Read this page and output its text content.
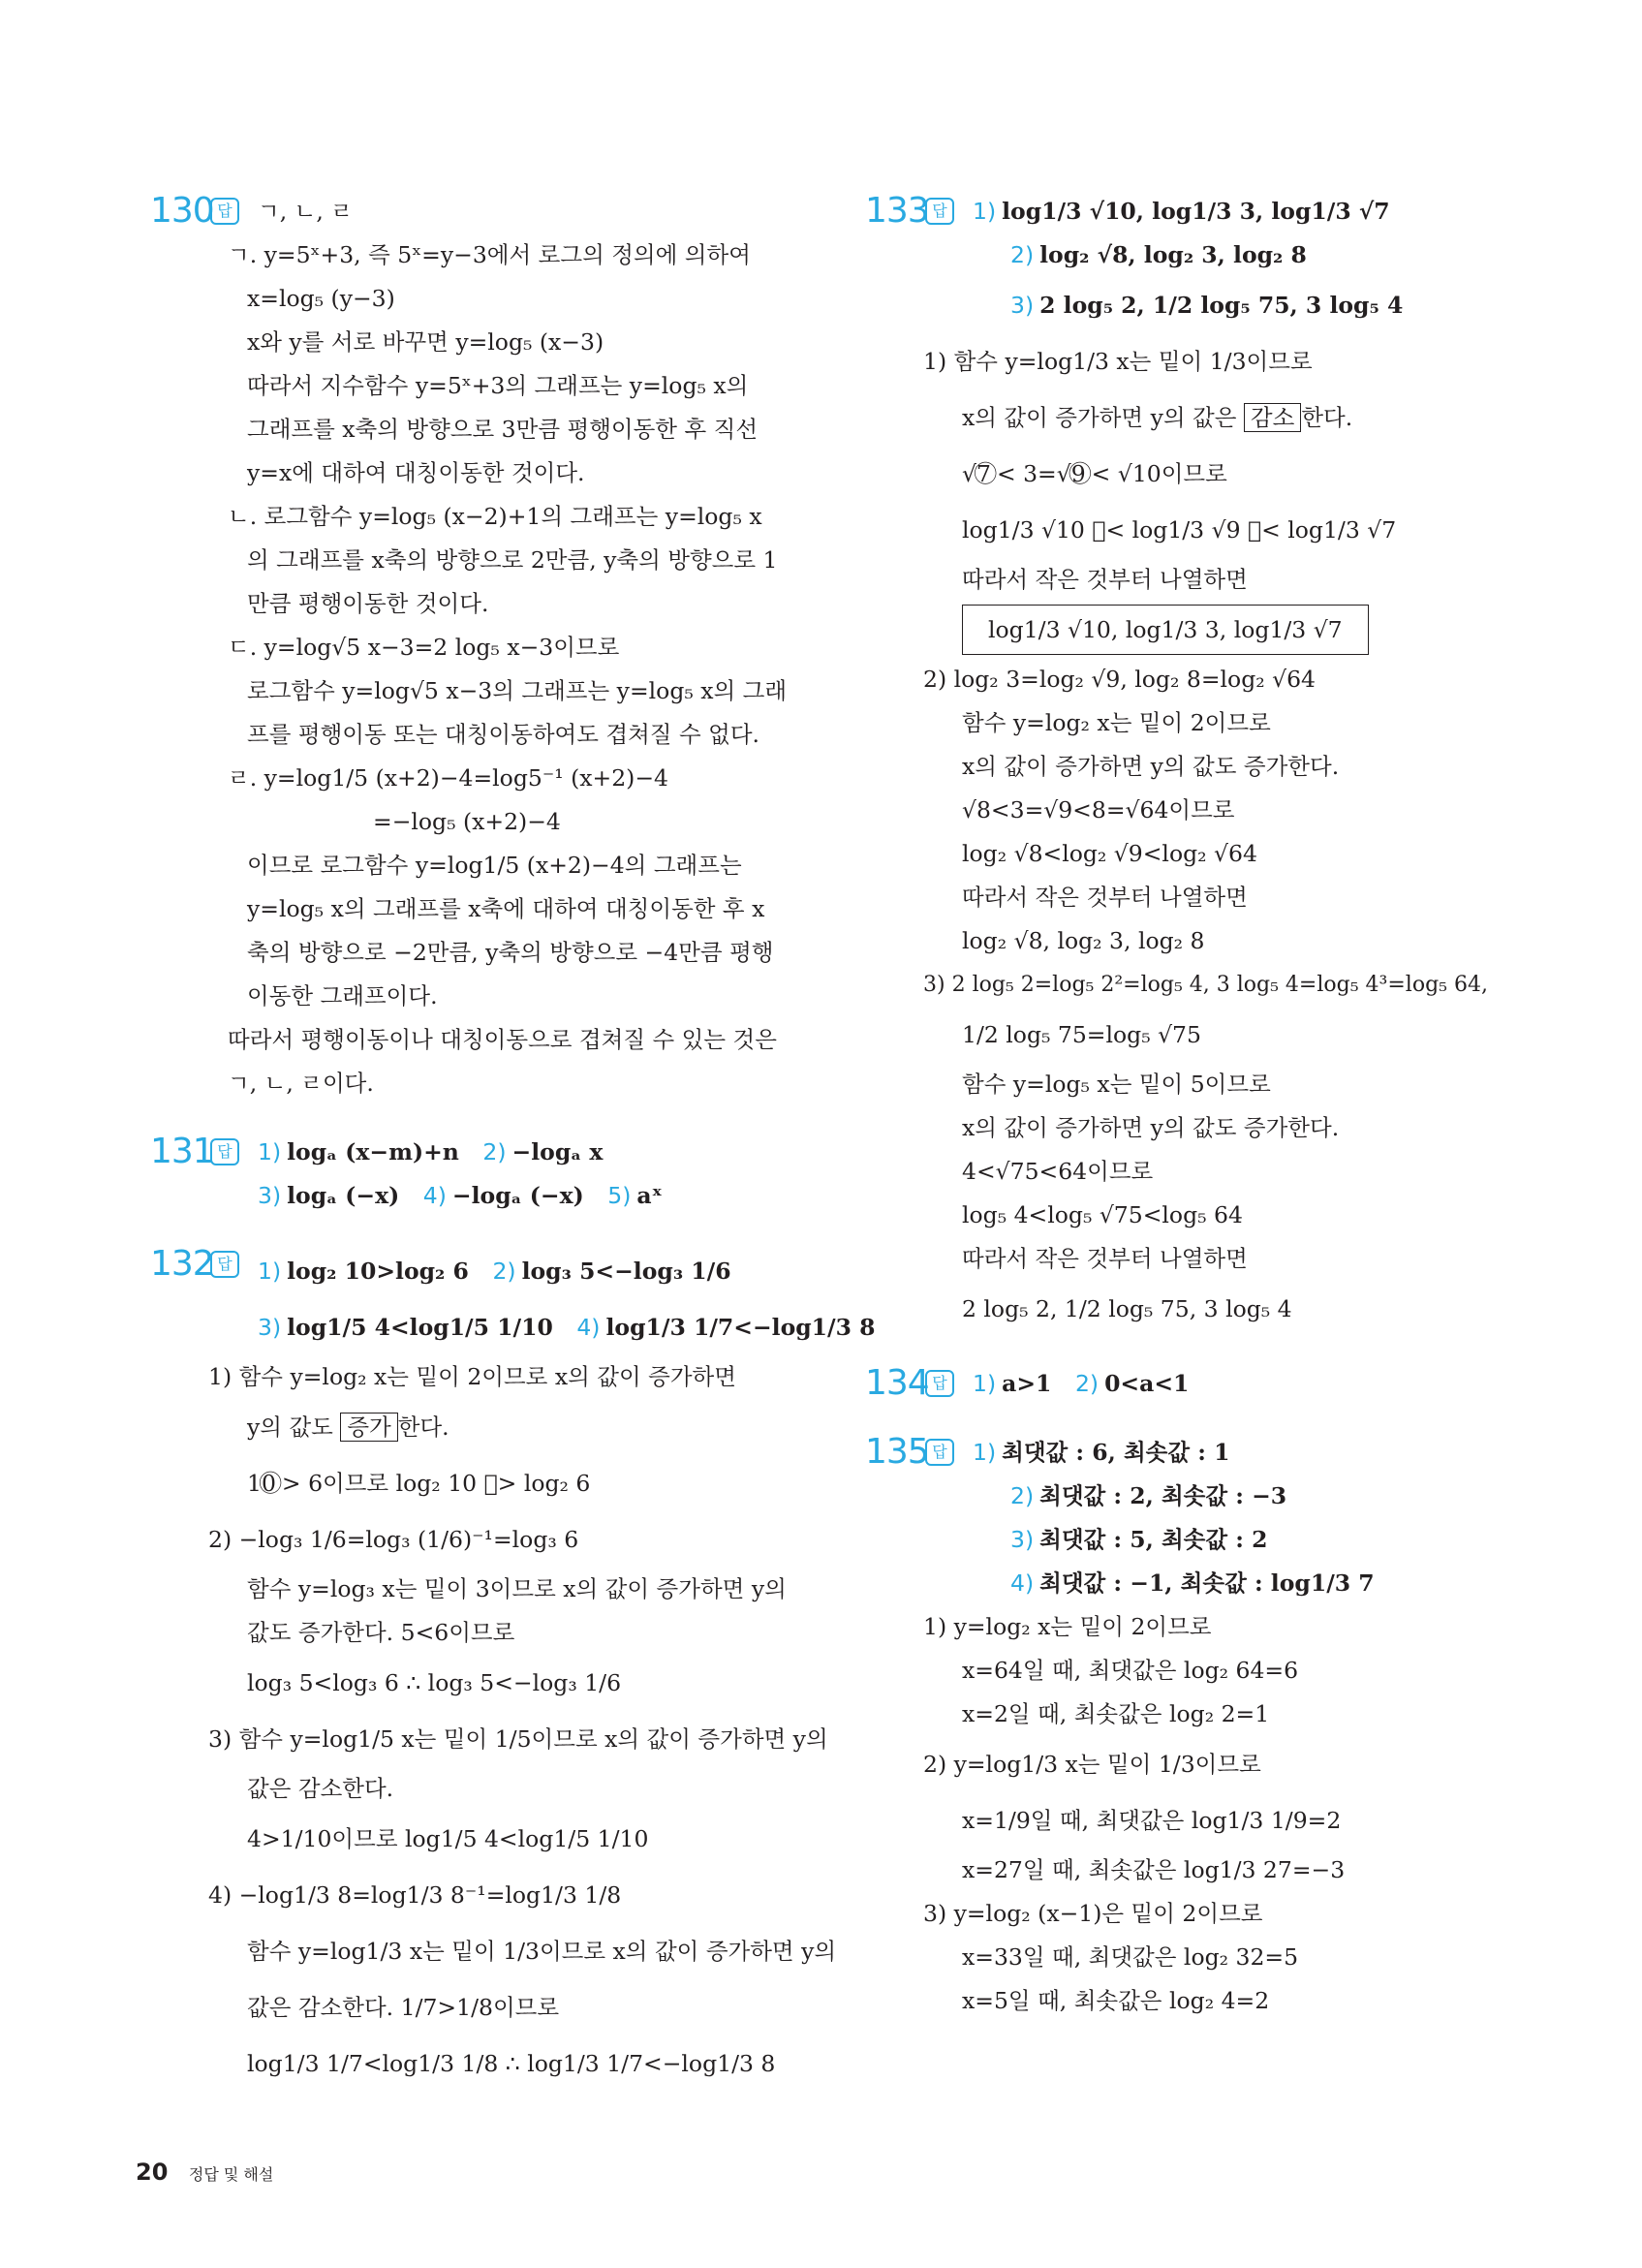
130 답	ㄱ, ㄴ, ㄹ
ㄱ. y=5ˣ+3, 즉 5ˣ=y−3에서 로그의 정의에 의하여
x=log₅ (y−3)
x와 y를 서로 바꾸면 y=log₅ (x−3)
따라서 지수함수 y=5ˣ+3의 그래프는 y=log₅ x의
그래프를 x축의 방향으로 3만큼 평행이동한 후 직선
y=x에 대하여 대칭이동한 것이다.
ㄴ. 로그함수 y=log₅ (x−2)+1의 그래프는 y=log₅ x
의 그래프를 x축의 방향으로 2만큼, y축의 방향으로 1
만큼 평행이동한 것이다.
ㄷ. y=log√5 x−3=2 log₅ x−3이므로
로그함수 y=log√5 x−3의 그래프는 y=log₅ x의 그래
프를 평행이동 또는 대칭이동하여도 겹쳐질 수 없다.
ㄹ. y=log1/5 (x+2)−4=log5⁻¹ (x+2)−4
=−log₅ (x+2)−4
이므로 로그함수 y=log1/5 (x+2)−4의 그래프는
y=log₅ x의 그래프를 x축에 대하여 대칭이동한 후 x
축의 방향으로 −2만큼, y축의 방향으로 −4만큼 평행
이동한 그래프이다.
따라서 평행이동이나 대칭이동으로 겹쳐질 수 있는 것은
ㄱ, ㄴ, ㄹ이다.
131 답	1) logₐ (x−m)+n 2) −logₐ x
3) logₐ (−x) 4) −logₐ (−x) 5) aˣ
132 답	1) log₂ 10>log₂ 6 2) log₃ 5<−log₃ 1/6
3) log1/5 4<log1/5 1/10 4) log1/3 1/7<−log1/3 8
1) 함수 y=log₂ x는 밑이 2이므로 x의 값이 증가하면
y의 값도 증가 한다.
10 ⃝> 6이므로 log₂ 10 ⃝> log₂ 6
2) −log₃ 1/6=log₃ (1/6)⁻¹=log₃ 6
함수 y=log₃ x는 밑이 3이므로 x의 값이 증가하면 y의
값도 증가한다. 5<6이므로
log₃ 5<log₃ 6 ∴ log₃ 5<−log₃ 1/6
3) 함수 y=log1/5 x는 밑이 1/5이므로 x의 값이 증가하면 y의
값은 감소한다.
4>1/10이므로 log1/5 4<log1/5 1/10
4) −log1/3 8=log1/3 8⁻¹=log1/3 1/8
함수 y=log1/3 x는 밑이 1/3이므로 x의 값이 증가하면 y의
값은 감소한다. 1/7>1/8이므로
log1/3 1/7<log1/3 1/8 ∴ log1/3 1/7<−log1/3 8
133 답	1) log1/3 √10, log1/3 3, log1/3 √7
2) log₂ √8, log₂ 3, log₂ 8
3) 2 log₅ 2, 1/2 log₅ 75, 3 log₅ 4
1) 함수 y=log1/3 x는 밑이 1/3이므로
x의 값이 증가하면 y의 값은 감소 한다.
√7 ⃝< 3=√9 ⃝< √10이므로
log1/3 √10 ⃝< log1/3 √9 ⃝< log1/3 √7
따라서 작은 것부터 나열하면
log1/3 √10, log1/3 3, log1/3 √7
2) log₂ 3=log₂ √9, log₂ 8=log₂ √64
함수 y=log₂ x는 밑이 2이므로
x의 값이 증가하면 y의 값도 증가한다.
√8<3=√9<8=√64이므로
log₂ √8<log₂ √9<log₂ √64
따라서 작은 것부터 나열하면
log₂ √8, log₂ 3, log₂ 8
3) 2 log₅ 2=log₅ 2²=log₅ 4, 3 log₅ 4=log₅ 4³=log₅ 64,
1/2 log₅ 75=log₅ √75
함수 y=log₅ x는 밑이 5이므로
x의 값이 증가하면 y의 값도 증가한다.
4<√75<64이므로
log₅ 4<log₅ √75<log₅ 64
따라서 작은 것부터 나열하면
2 log₅ 2, 1/2 log₅ 75, 3 log₅ 4
134 답	1) a>1 2) 0<a<1
135 답	1) 최댓값 : 6, 최솟값 : 1
2) 최댓값 : 2, 최솟값 : −3
3) 최댓값 : 5, 최솟값 : 2
4) 최댓값 : −1, 최솟값 : log1/3 7
1) y=log₂ x는 밑이 2이므로
x=64일 때, 최댓값은 log₂ 64=6
x=2일 때, 최솟값은 log₂ 2=1
2) y=log1/3 x는 밑이 1/3이므로
x=1/9일 때, 최댓값은 log1/3 1/9=2
x=27일 때, 최솟값은 log1/3 27=−3
3) y=log₂ (x−1)은 밑이 2이므로
x=33일 때, 최댓값은 log₂ 32=5
x=5일 때, 최솟값은 log₂ 4=2
20 정답 및 해설
